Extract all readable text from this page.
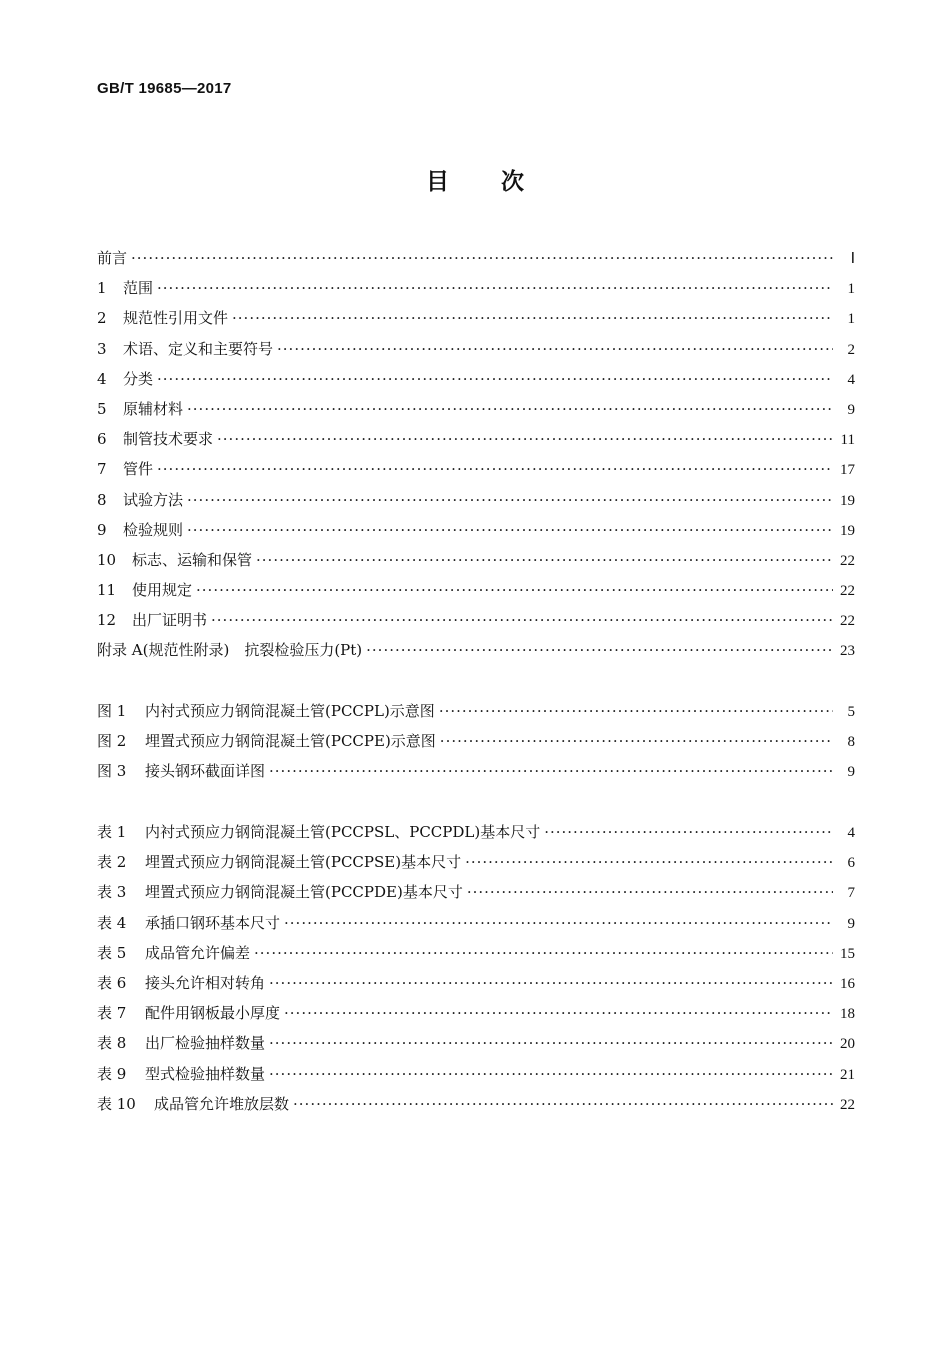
GB/T 19685—2017
目次
前言 ·····	Ⅰ
1 范围 ·····	1
2 规范性引用文件 ·····	1
3 术语、定义和主要符号 ·····	2
4 分类 ·····	4
5 原辅材料 ·····	9
6 制管技术要求 ·····	11
7 管件 ·····	17
8 试验方法 ·····	19
9 检验规则 ·····	19
10 标志、运输和保管 ·····	22
11 使用规定 ·····	22
12 出厂证明书 ·····	22
附录 A(规范性附录)　抗裂检验压力(Pt) ·····	23
图 1 内衬式预应力钢筒混凝土管(PCCPL)示意图 ·····	5
图 2 埋置式预应力钢筒混凝土管(PCCPE)示意图 ·····	8
图 3 接头钢环截面详图 ·····	9
表 1 内衬式预应力钢筒混凝土管(PCCPSL、PCCPDL)基本尺寸 ·····	4
表 2 埋置式预应力钢筒混凝土管(PCCPSE)基本尺寸 ·····	6
表 3 埋置式预应力钢筒混凝土管(PCCPDE)基本尺寸 ·····	7
表 4 承插口钢环基本尺寸 ·····	9
表 5 成品管允许偏差 ·····	15
表 6 接头允许相对转角 ·····	16
表 7 配件用钢板最小厚度 ·····	18
表 8 出厂检验抽样数量 ·····	20
表 9 型式检验抽样数量 ·····	21
表 10 成品管允许堆放层数 ·····	22
